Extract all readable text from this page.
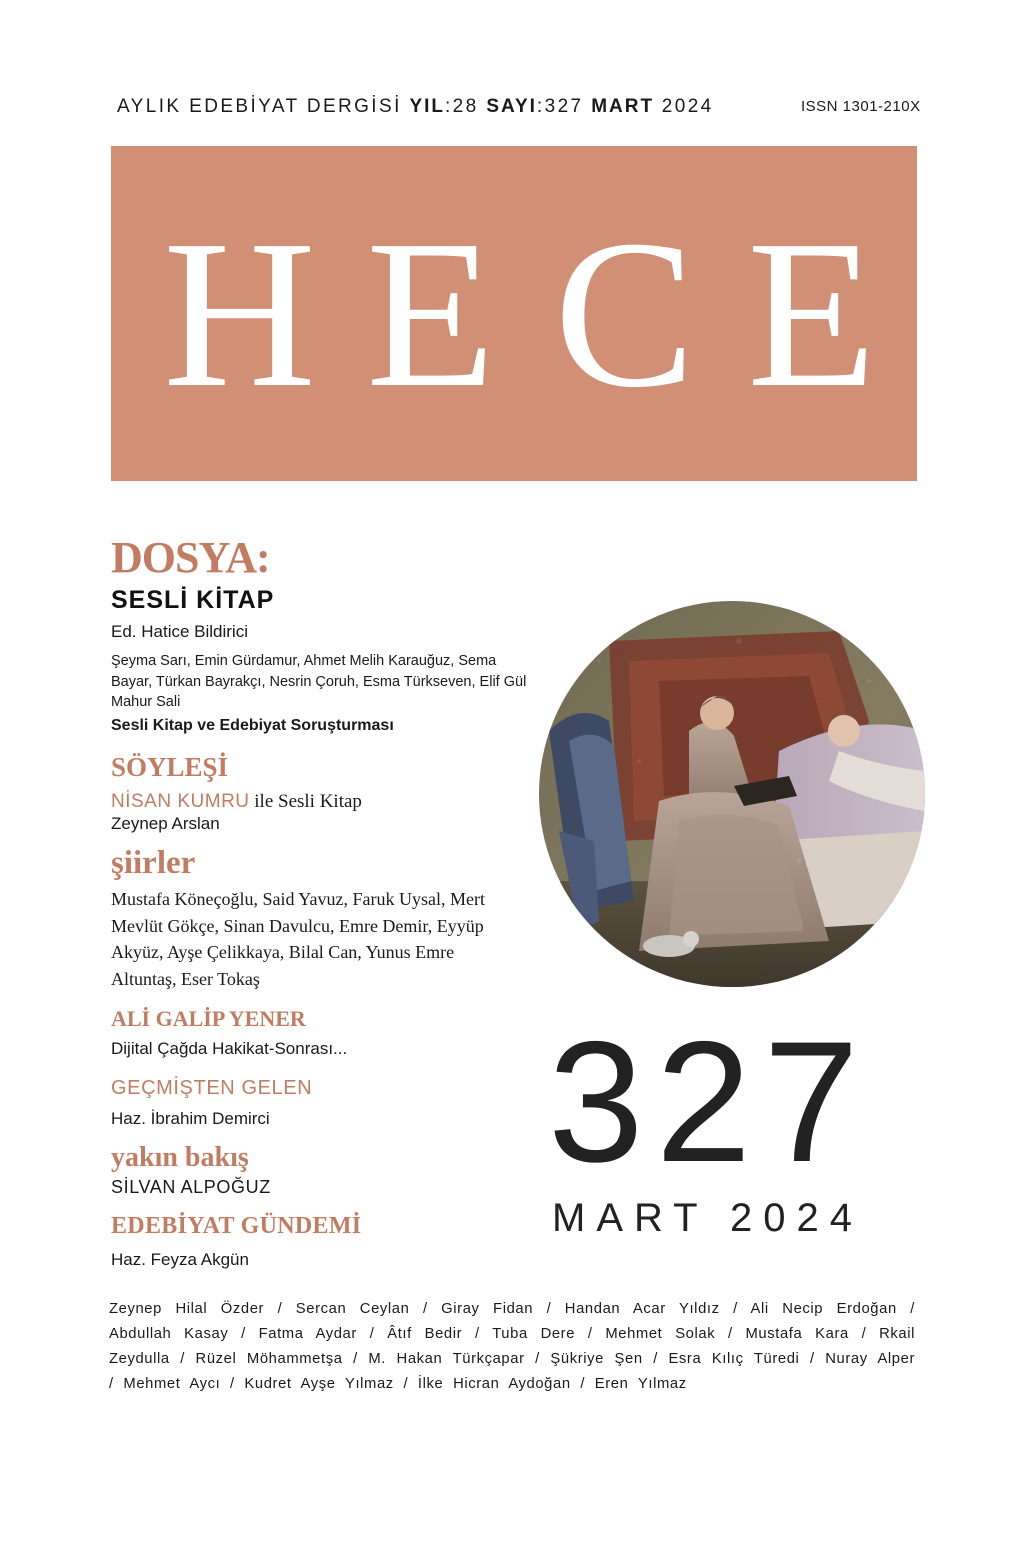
AYLIK EDEBİYAT DERGİSİ YIL:28 SAYI:327 MART 2024	ISSN 1301-210X
H E C E
DOSYA:
SESLİ KİTAP
Ed. Hatice Bildirici
Şeyma Sarı, Emin Gürdamur, Ahmet Melih Karauğuz, Sema Bayar, Türkan Bayrakçı, Nesrin Çoruh, Esma Türkseven, Elif Gül Mahur Sali
Sesli Kitap ve Edebiyat Soruşturması
SÖYLEŞİ
NİSAN KUMRU ile Sesli Kitap
Zeynep Arslan
şiirler
Mustafa Köneçoğlu, Said Yavuz, Faruk Uysal, Mert Mevlüt Gökçe, Sinan Davulcu, Emre Demir, Eyyüp Akyüz, Ayşe Çelikkaya, Bilal Can, Yunus Emre Altuntaş, Eser Tokaş
ALİ GALİP YENER
Dijital Çağda Hakikat-Sonrası...
GEÇMİŞTEN GELEN
Haz. İbrahim Demirci
yakın bakış
SİLVAN ALPOĞUZ
EDEBİYAT GÜNDEMİ
Haz. Feyza Akgün
327
MART 2024
Zeynep Hilal Özder / Sercan Ceylan / Giray Fidan / Handan Acar Yıldız / Ali Necip Erdoğan / Abdullah Kasay / Fatma Aydar / Âtıf Bedir / Tuba Dere / Mehmet Solak / Mustafa Kara / Rkail Zeydulla / Rüzel Möhammetşa / M. Hakan Türkçapar / Şükriye Şen / Esra Kılıç Türedi / Nuray Alper / Mehmet Aycı / Kudret Ayşe Yılmaz / İlke Hicran Aydoğan / Eren Yılmaz
